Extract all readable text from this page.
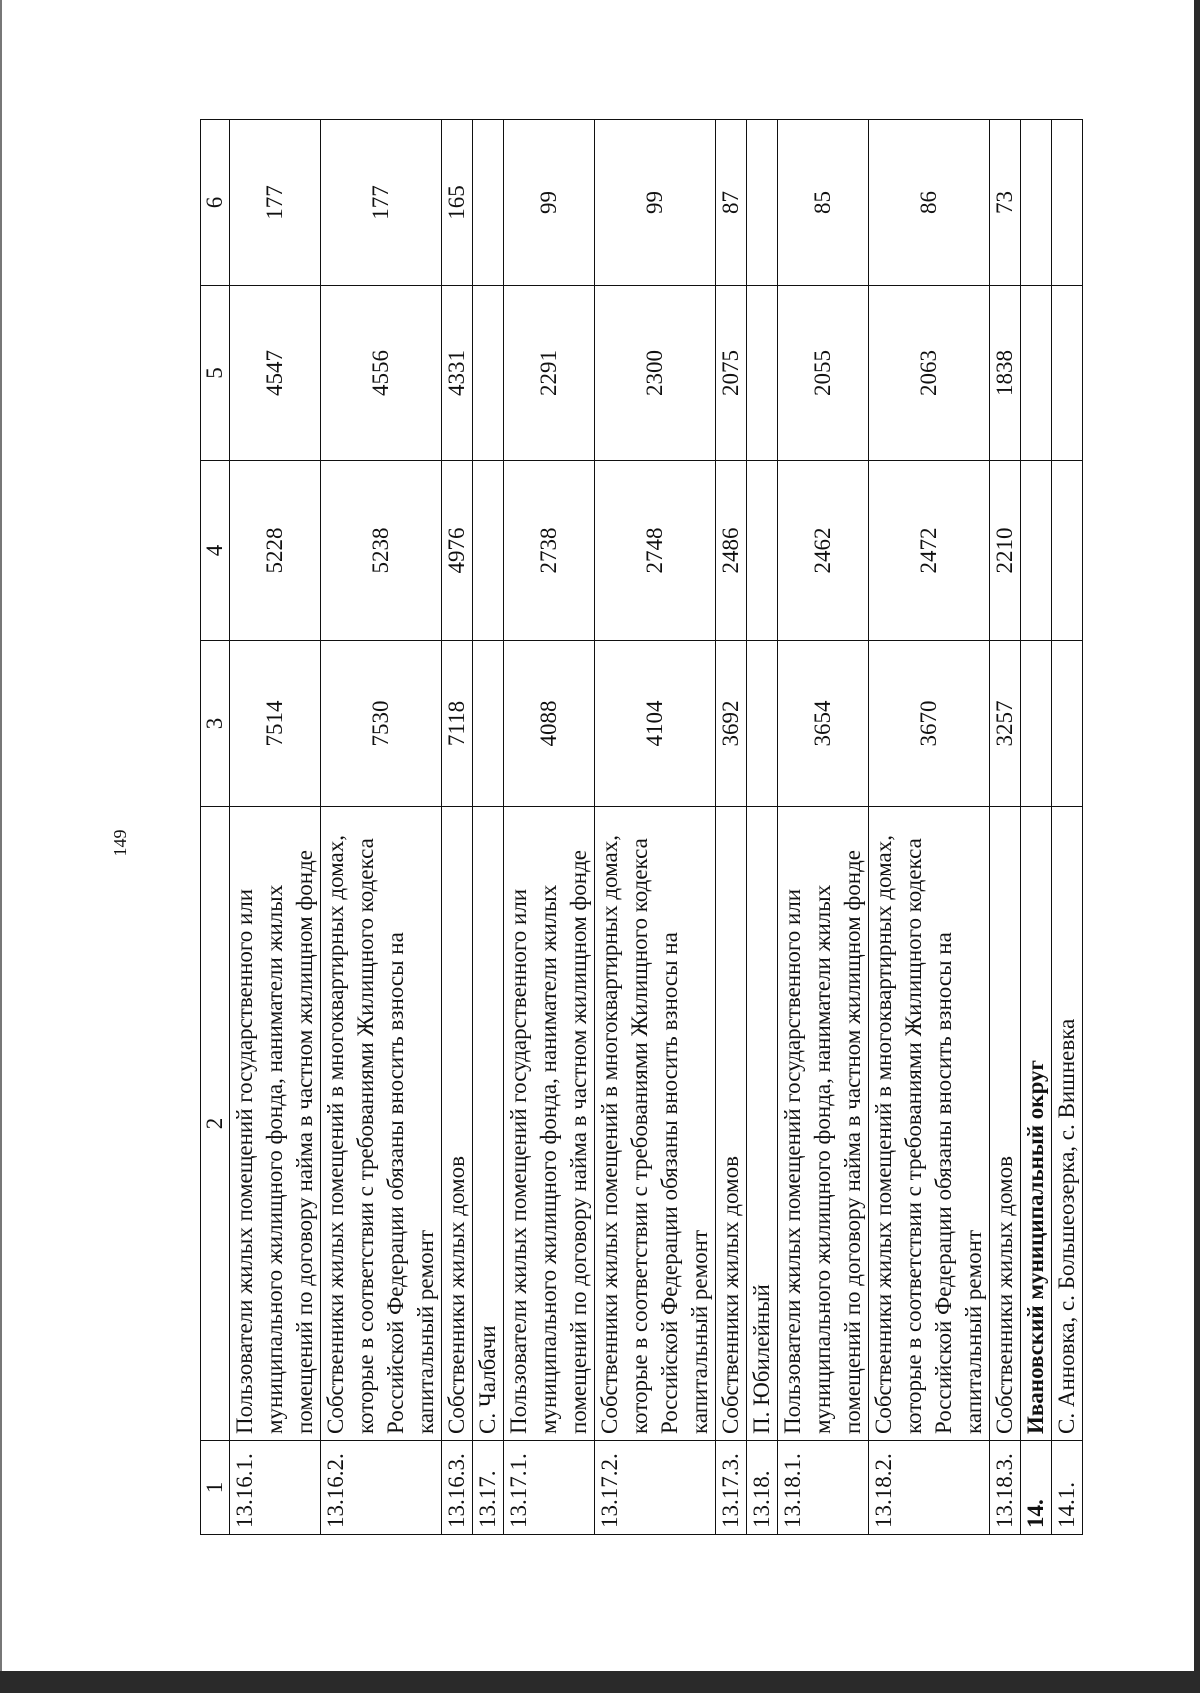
149
1	2	3	4	5	6
13.16.1.	Пользователи жилых помещений государственного или муниципального жилищного фонда, наниматели жилых помещений по договору найма в частном жилищном фонде	7514	5228	4547	177
13.16.2.	Собственники жилых помещений в многоквартирных домах, которые в соответствии с требованиями Жилищного кодекса Российской Федерации обязаны вносить взносы на капитальный ремонт	7530	5238	4556	177
13.16.3.	Собственники жилых домов	7118	4976	4331	165
13.17.	С. Чалбачи				
13.17.1.	Пользователи жилых помещений государственного или муниципального жилищного фонда, наниматели жилых помещений по договору найма в частном жилищном фонде	4088	2738	2291	99
13.17.2.	Собственники жилых помещений в многоквартирных домах, которые в соответствии с требованиями Жилищного кодекса Российской Федерации обязаны вносить взносы на капитальный ремонт	4104	2748	2300	99
13.17.3.	Собственники жилых домов	3692	2486	2075	87
13.18.	П. Юбилейный				
13.18.1.	Пользователи жилых помещений государственного или муниципального жилищного фонда, наниматели жилых помещений по договору найма в частном жилищном фонде	3654	2462	2055	85
13.18.2.	Собственники жилых помещений в многоквартирных домах, которые в соответствии с требованиями Жилищного кодекса Российской Федерации обязаны вносить взносы на капитальный ремонт	3670	2472	2063	86
13.18.3.	Собственники жилых домов	3257	2210	1838	73
14.	Ивановский муниципальный округ				
14.1.	С. Анновка, с. Большеозерка, с. Вишневка				
